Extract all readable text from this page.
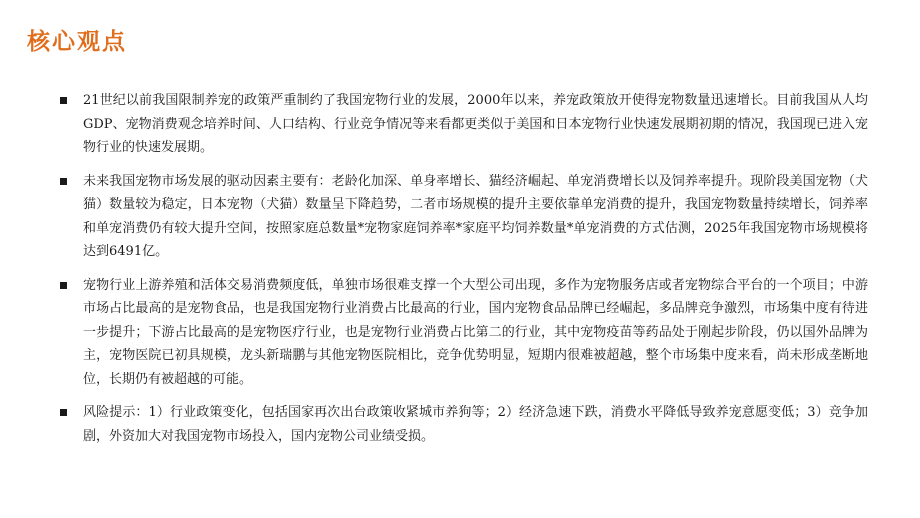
核心观点
21世纪以前我国限制养宠的政策严重制约了我国宠物行业的发展，2000年以来，养宠政策放开使得宠物数量迅速增长。目前我国从人均GDP、宠物消费观念培养时间、人口结构、行业竞争情况等来看都更类似于美国和日本宠物行业快速发展期初期的情况，我国现已进入宠物行业的快速发展期。
未来我国宠物市场发展的驱动因素主要有：老龄化加深、单身率增长、猫经济崛起、单宠消费增长以及饲养率提升。现阶段美国宠物（犬猫）数量较为稳定，日本宠物（犬猫）数量呈下降趋势，二者市场规模的提升主要依靠单宠消费的提升，我国宠物数量持续增长，饲养率和单宠消费仍有较大提升空间，按照家庭总数量*宠物家庭饲养率*家庭平均饲养数量*单宠消费的方式估测，2025年我国宠物市场规模将达到6491亿。
宠物行业上游养殖和活体交易消费频度低，单独市场很难支撑一个大型公司出现，多作为宠物服务店或者宠物综合平台的一个项目；中游市场占比最高的是宠物食品，也是我国宠物行业消费占比最高的行业，国内宠物食品品牌已经崛起，多品牌竞争激烈，市场集中度有待进一步提升；下游占比最高的是宠物医疗行业，也是宠物行业消费占比第二的行业，其中宠物疫苗等药品处于刚起步阶段，仍以国外品牌为主，宠物医院已初具规模，龙头新瑞鹏与其他宠物医院相比，竞争优势明显，短期内很难被超越，整个市场集中度来看，尚未形成垄断地位，长期仍有被超越的可能。
风险提示：1）行业政策变化，包括国家再次出台政策收紧城市养狗等；2）经济急速下跌，消费水平降低导致养宠意愿变低；3）竞争加剧，外资加大对我国宠物市场投入，国内宠物公司业绩受损。
